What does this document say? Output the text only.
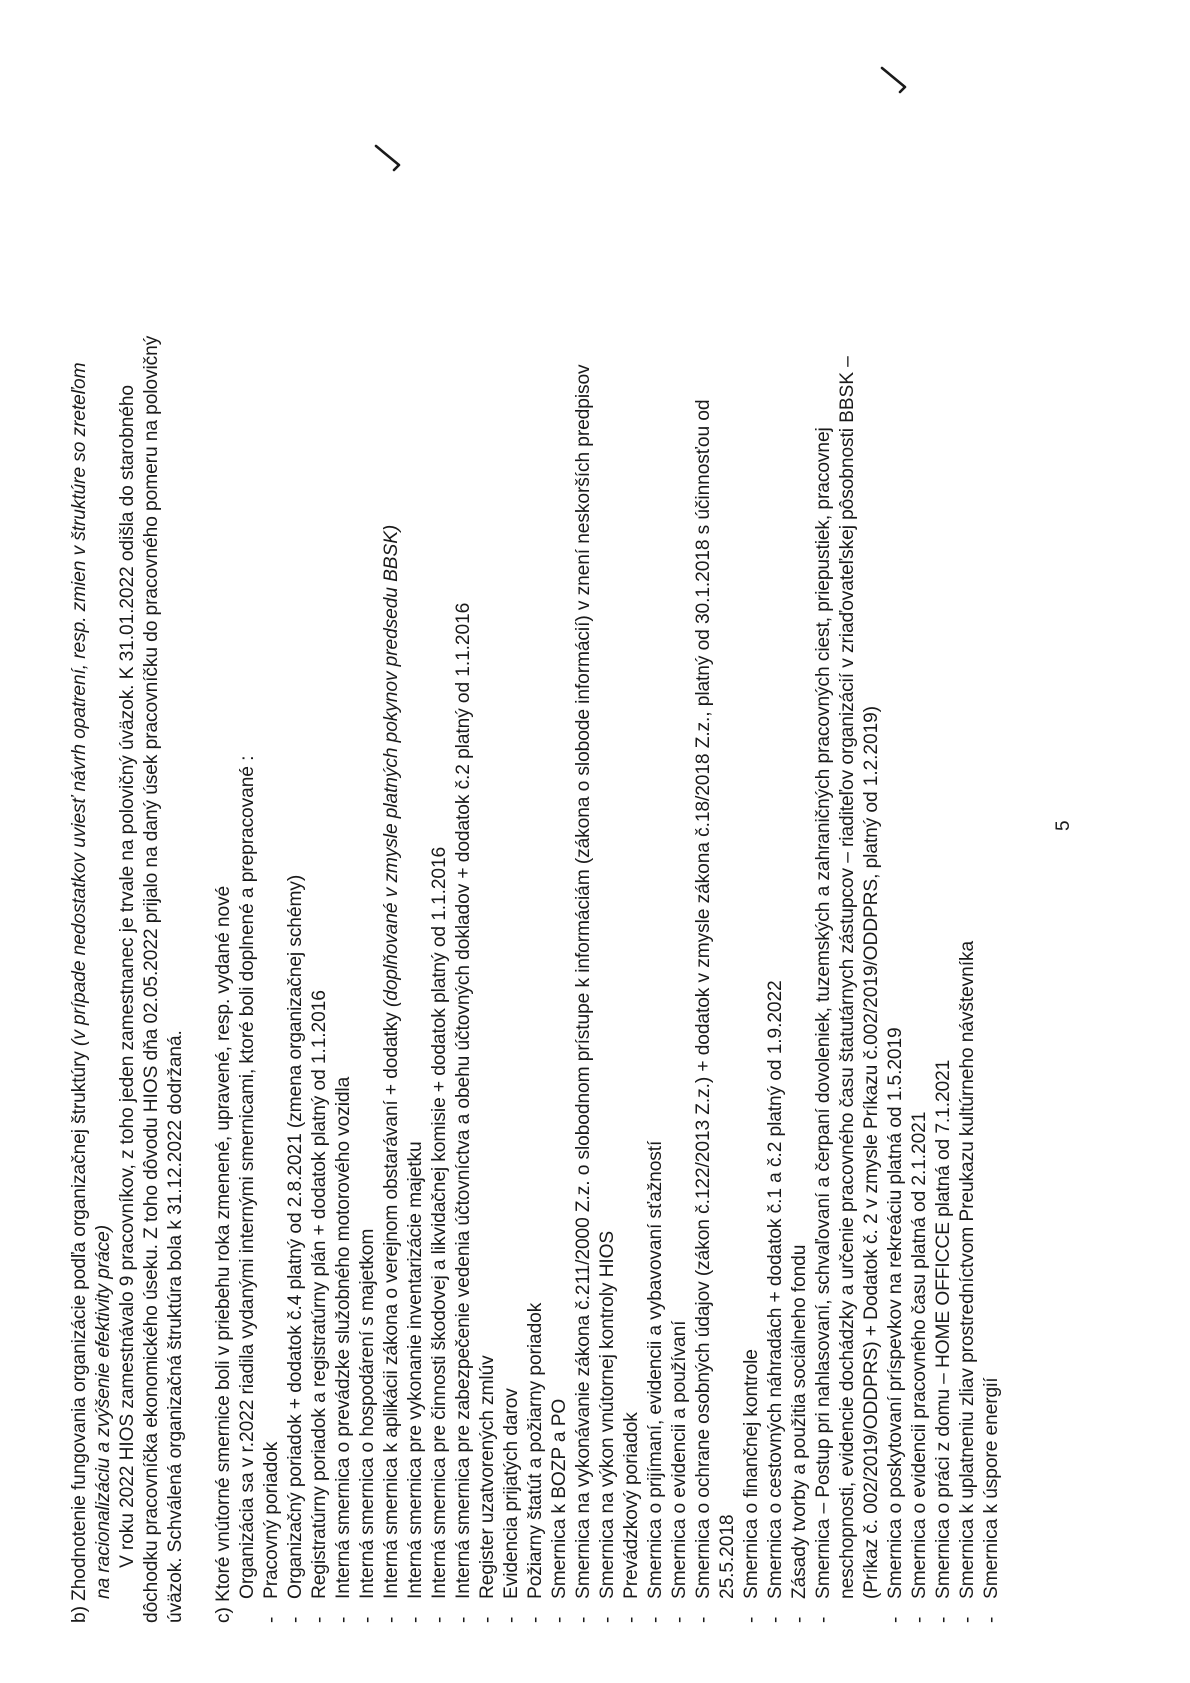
b) Zhodnotenie fungovania organizácie podľa organizačnej štruktúry (v prípade nedostatkov uviesť návrh opatrení, resp. zmien v štruktúre so zreteľom
na racionalizáciu a zvýšenie efektivity práce) V roku 2022 HIOS zamestnávalo 9 pracovníkov, z toho jeden zamestnanec je trvale na polovičný úväzok. K 31.01.2022 odišla do starobného dôchodku pracovníčka ekonomického úseku. Z toho dôvodu HIOS dňa 02.05.2022 prijalo na daný úsek pracovníčku do pracovného pomeru na polovičný úväzok. Schválená organizačná štruktúra bola k 31.12.2022 dodržaná. c) Ktoré vnútorné smernice boli v priebehu roka zmenené, upravené, resp. vydané nové Organizácia sa v r.2022 riadila vydanými internými smernicami, ktoré boli doplnené a prepracované :
-
Pracovný poriadok
-
Organizačný poriadok + dodatok č.4 platný od 2.8.2021 (zmena organizačnej schémy)
-
Registratúrny poriadok a registratúrny plán + dodatok platný od 1.1.2016
-
Interná smernica o prevádzke služobného motorového vozidla
-
Interná smernica o hospodárení s majetkom
-
Interná smernica k aplikácii zákona o verejnom obstarávaní + dodatky (doplňované v zmysle platných pokynov predsedu BBSK)
-
Interná smernica pre vykonanie inventarizácie majetku
-
Interná smernica pre činnosti škodovej a likvidačnej komisie + dodatok platný od 1.1.2016
-
Interná smernica pre zabezpečenie vedenia účtovníctva a obehu účtovných dokladov + dodatok č.2 platný od 1.1.2016
-
Register uzatvorených zmlúv
-
Evidencia prijatých darov
-
Požiarny štatút a požiarny poriadok
-
Smernica k BOZP a PO
-
Smernica na vykonávanie zákona č.211/2000 Z.z. o slobodnom prístupe k informáciám (zákona o slobode informácií) v znení neskorších predpisov
-
Smernica na výkon vnútornej kontroly HIOS
-
Prevádzkový poriadok
-
Smernica o prijímaní, evidencii a vybavovaní sťažností
-
Smernica o evidencii a používaní
-
Smernica o ochrane osobných údajov (zákon č.122/2013 Z.z.) + dodatok v zmysle zákona č.18/2018 Z.z., platný od 30.1.2018 s účinnosťou od 25.5.2018
-
Smernica o finančnej kontrole
-
Smernica o cestovných náhradách + dodatok č.1 a č.2 platný od 1.9.2022
-
Zásady tvorby a použitia sociálneho fondu
-
Smernica – Postup pri nahlasovaní, schvaľovaní a čerpaní dovoleniek, tuzemských a zahraničných pracovných ciest, priepustiek, pracovnej neschopnosti, evidencie dochádzky a určenie pracovného času štatutárnych zástupcov – riaditeľov organizácií v zriaďovateľskej pôsobnosti BBSK – (Príkaz č. 002/2019/ODDPRS) + Dodatok č. 2 v zmysle Príkazu č.002/2019/ODDPRS, platný od 1.2.2019)
-
Smernica o poskytovaní príspevkov na rekreáciu platná od 1.5.2019
-
Smernica o evidencii pracovného času platná od 2.1.2021
-
Smernica o práci z domu – HOME OFFICCE platná od 7.1.2021
-
Smernica k uplatneniu zliav prostredníctvom Preukazu kultúrneho návštevníka
-
Smernica k úspore energií
5
